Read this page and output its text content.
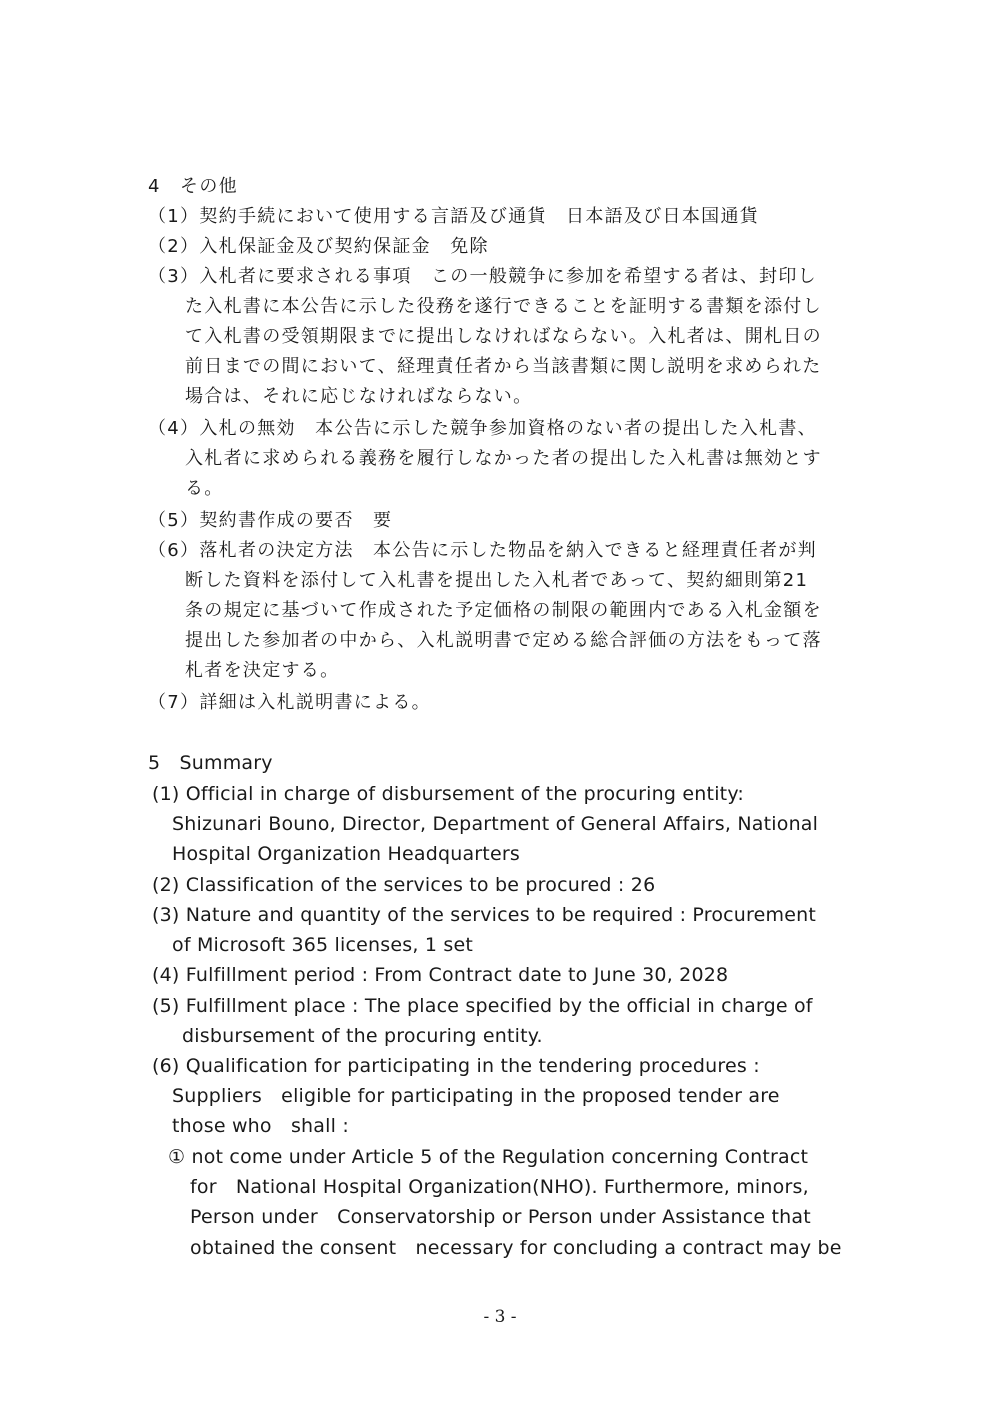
4　その他
（1）契約手続において使用する言語及び通貨　日本語及び日本国通貨
（2）入札保証金及び契約保証金　免除
（3）入札者に要求される事項　この一般競争に参加を希望する者は、封印し
た入札書に本公告に示した役務を遂行できることを証明する書類を添付し
て入札書の受領期限までに提出しなければならない。入札者は、開札日の
前日までの間において、経理責任者から当該書類に関し説明を求められた
場合は、それに応じなければならない。
（4）入札の無効　本公告に示した競争参加資格のない者の提出した入札書、
入札者に求められる義務を履行しなかった者の提出した入札書は無効とす
る。
（5）契約書作成の要否　要
（6）落札者の決定方法　本公告に示した物品を納入できると経理責任者が判
断した資料を添付して入札書を提出した入札者であって、契約細則第21
条の規定に基づいて作成された予定価格の制限の範囲内である入札金額を
提出した参加者の中から、入札説明書で定める総合評価の方法をもって落
札者を決定する。
（7）詳細は入札説明書による。
5　Summary
(1) Official in charge of disbursement of the procuring entity:
Shizunari Bouno, Director, Department of General Affairs, National
Hospital Organization Headquarters
(2) Classification of the services to be procured : 26
(3) Nature and quantity of the services to be required : Procurement
of Microsoft 365 licenses, 1 set
(4) Fulfillment period : From Contract date to June 30, 2028
(5) Fulfillment place : The place specified by the official in charge of
disbursement of the procuring entity.
(6) Qualification for participating in the tendering procedures :
Suppliers　eligible for participating in the proposed tender are
those who　shall :
① not come under Article 5 of the Regulation concerning Contract
for　National Hospital Organization(NHO). Furthermore, minors,
Person under　Conservatorship or Person under Assistance that
obtained the consent　necessary for concluding a contract may be
- 3 -
